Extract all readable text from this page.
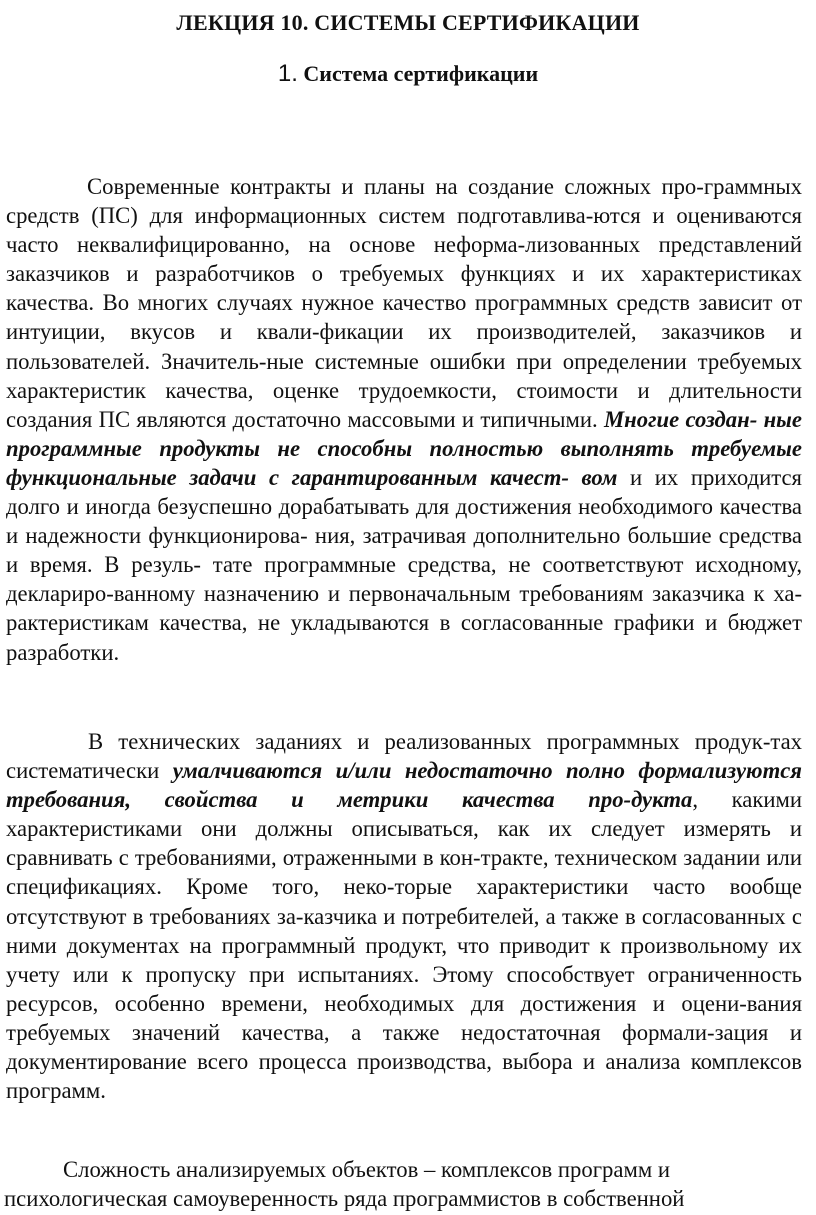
ЛЕКЦИЯ 10. СИСТЕМЫ СЕРТИФИКАЦИИ
1. Система сертификации

Современные контракты и планы на создание сложных про-граммных средств (ПС) для информационных систем подготавлива-ются и оцениваются часто неквалифицированно, на основе неформа-лизованных представлений заказчиков и разработчиков о требуемых функциях и их характеристиках качества. Во многих случаях нужное качество программных средств зависит от интуиции, вкусов и квали-фикации их производителей, заказчиков и пользователей. Значитель-ные системные ошибки при определении требуемых характеристик качества, оценке трудоемкости, стоимости и длительности создания ПС являются достаточно массовыми и типичными. Многие создан- ные программные продукты не способны полностью выполнять требуемые функциональные задачи с гарантированным качест- вом и их приходится долго и иногда безуспешно дорабатывать для достижения необходимого качества и надежности функционирова- ния, затрачивая дополнительно большие средства и время. В резуль- тате программные средства, не соответствуют исходному, деклариро-ванному назначению и первоначальным требованиям заказчика к ха-рактеристикам качества, не укладываются в согласованные графики и бюджет разработки.

В технических заданиях и реализованных программных продук-тах систематически умалчиваются и/или недостаточно полно формализуются требования, свойства и метрики качества про-дукта, какими характеристиками они должны описываться, как их следует измерять и сравнивать с требованиями, отраженными в кон-тракте, техническом задании или спецификациях. Кроме того, неко-торые характеристики часто вообще отсутствуют в требованиях за-казчика и потребителей, а также в согласованных с ними документах на программный продукт, что приводит к произвольному их учету или к пропуску при испытаниях. Этому способствует ограниченность ресурсов, особенно времени, необходимых для достижения и оцени-вания требуемых значений качества, а также недостаточная формали-зация и документирование всего процесса производства, выбора и анализа комплексов программ.

Сложность анализируемых объектов – комплексов программ и
психологическая самоуверенность ряда программистов в собственной
